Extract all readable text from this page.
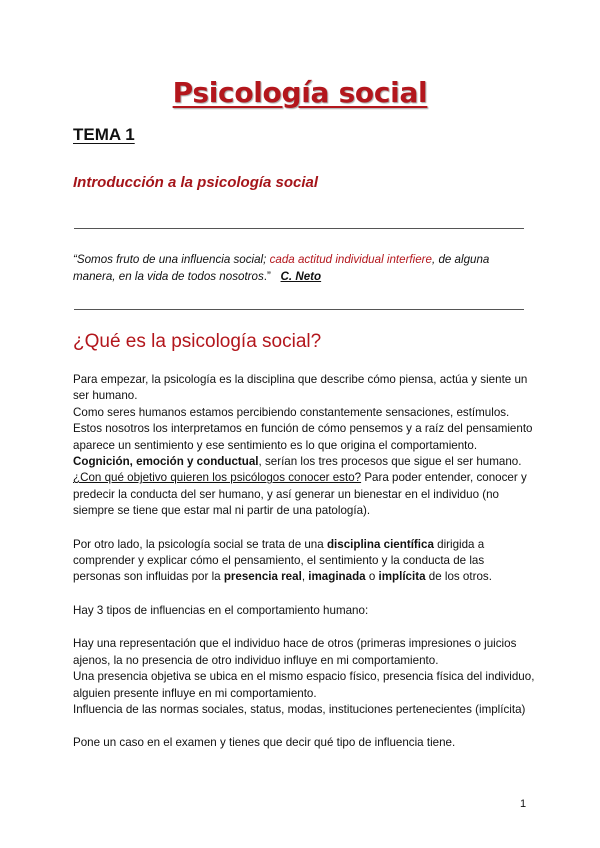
Psicología social
TEMA 1
Introducción a la psicología social
“Somos fruto de una influencia social; cada actitud individual interfiere, de alguna manera, en la vida de todos nosotros.” C. Neto
¿Qué es la psicología social?

Para empezar, la psicología es la disciplina que describe cómo piensa, actúa y siente un ser humano.

Como seres humanos estamos percibiendo constantemente sensaciones, estímulos. Estos nosotros los interpretamos en función de cómo pensemos y a raíz del pensamiento aparece un sentimiento y ese sentimiento es lo que origina el comportamiento. Cognición, emoción y conductual, serían los tres procesos que sigue el ser humano.

¿Con qué objetivo quieren los psicólogos conocer esto? Para poder entender, conocer y predecir la conducta del ser humano, y así generar un bienestar en el individuo (no siempre se tiene que estar mal ni partir de una patología).

Por otro lado, la psicología social se trata de una disciplina científica dirigida a comprender y explicar cómo el pensamiento, el sentimiento y la conducta de las personas son influidas por la presencia real, imaginada o implícita de los otros.

Hay 3 tipos de influencias en el comportamiento humano:

Hay una representación que el individuo hace de otros (primeras impresiones o juicios ajenos, la no presencia de otro individuo influye en mi comportamiento.

Una presencia objetiva se ubica en el mismo espacio físico, presencia física del individuo, alguien presente influye en mi comportamiento.

Influencia de las normas sociales, status, modas, instituciones pertenecientes (implícita)

Pone un caso en el examen y tienes que decir qué tipo de influencia tiene.

1
